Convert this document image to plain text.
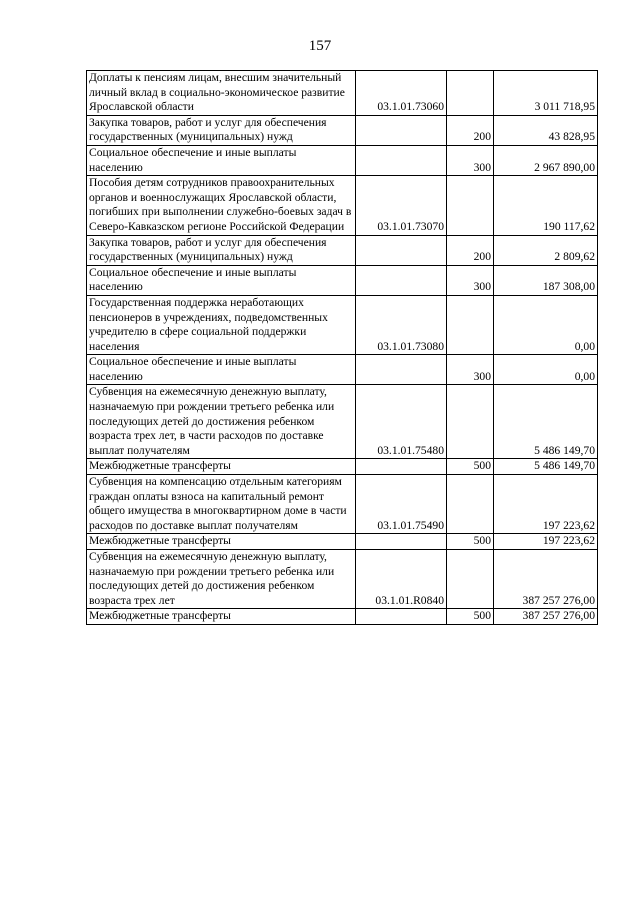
157
Доплаты к пенсиям лицам, внесшим значительный личный вклад в социально-экономическое развитие Ярославской области	03.1.01.73060		3 011 718,95
Закупка товаров, работ и услуг для обеспечения государственных (муниципальных) нужд		200	43 828,95
Социальное обеспечение и иные выплаты населению		300	2 967 890,00
Пособия детям сотрудников правоохранительных органов и военнослужащих Ярославской области, погибших при выполнении служебно-боевых задач в Северо-Кавказском регионе Российской Федерации	03.1.01.73070		190 117,62
Закупка товаров, работ и услуг для обеспечения государственных (муниципальных) нужд		200	2 809,62
Социальное обеспечение и иные выплаты населению		300	187 308,00
Государственная поддержка неработающих пенсионеров в учреждениях, подведомственных учредителю в сфере социальной поддержки населения	03.1.01.73080		0,00
Социальное обеспечение и иные выплаты населению		300	0,00
Субвенция на ежемесячную денежную выплату, назначаемую при рождении третьего ребенка или последующих детей до достижения ребенком возраста трех лет, в части расходов по доставке выплат получателям	03.1.01.75480		5 486 149,70
Межбюджетные трансферты		500	5 486 149,70
Субвенция на компенсацию отдельным категориям граждан оплаты взноса на капитальный ремонт общего имущества в многоквартирном доме в части расходов по доставке выплат получателям	03.1.01.75490		197 223,62
Межбюджетные трансферты		500	197 223,62
Субвенция на ежемесячную денежную выплату, назначаемую при рождении третьего ребенка или последующих детей до достижения ребенком возраста трех лет	03.1.01.R0840		387 257 276,00
Межбюджетные трансферты		500	387 257 276,00
